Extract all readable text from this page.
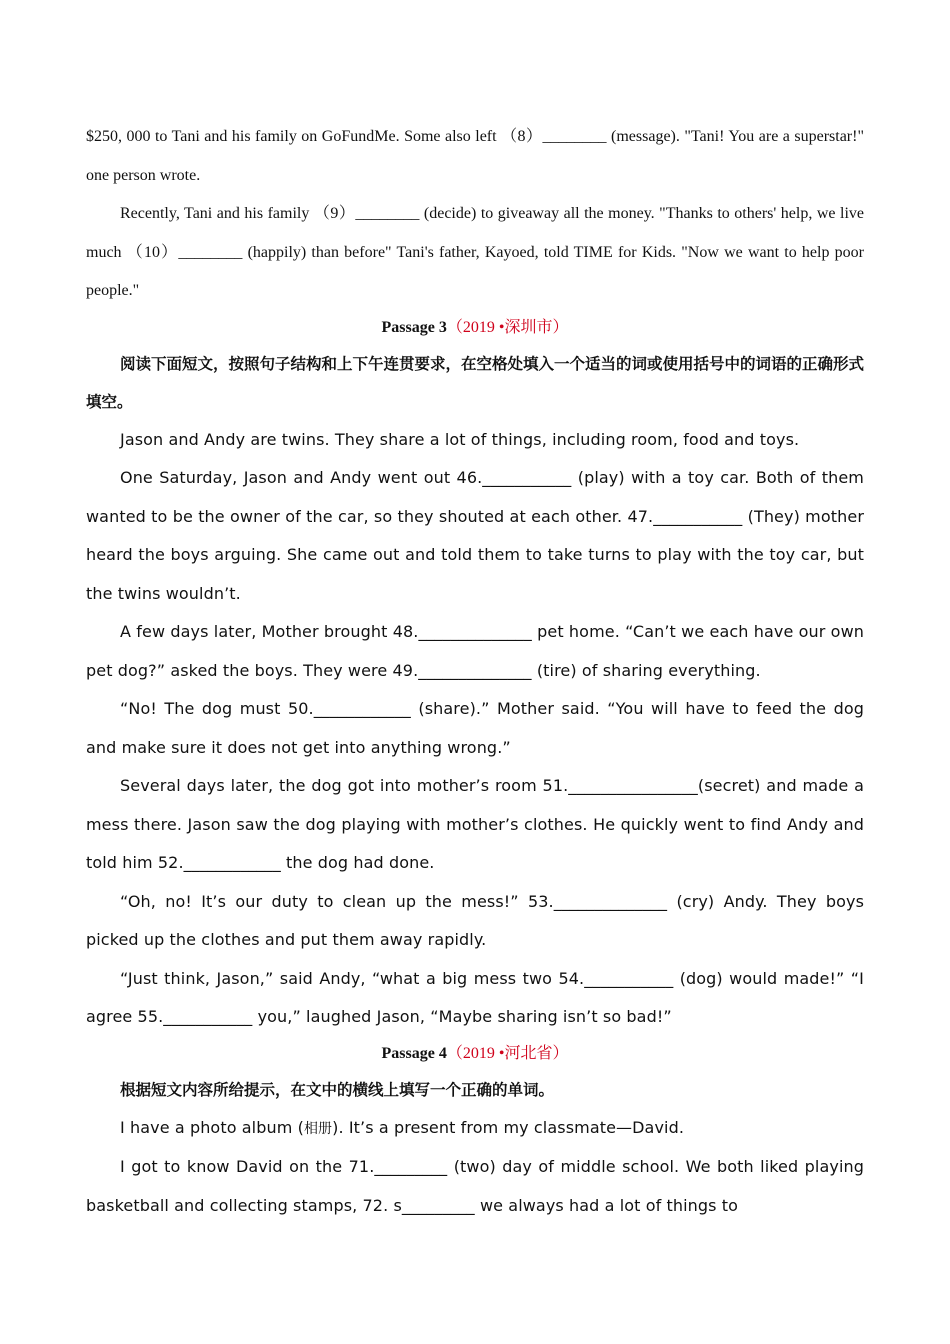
$250, 000 to Tani and his family on GoFundMe. Some also left （8）________ (message). "Tani! You are a superstar!" one person wrote.

Recently, Tani and his family （9）________ (decide) to giveaway all the money. "Thanks to others' help, we live much （10）________ (happily) than before" Tani's father, Kayoed, told TIME for Kids. "Now we want to help poor people."

Passage 3（2019 •深圳市）

阅读下面短文，按照句子结构和上下午连贯要求，在空格处填入一个适当的词或使用括号中的词语的正确形式填空。

Jason and Andy are twins. They share a lot of things, including room, food and toys.

One Saturday, Jason and Andy went out 46.___________ (play) with a toy car. Both of them wanted to be the owner of the car, so they shouted at each other. 47.___________ (They) mother heard the boys arguing. She came out and told them to take turns to play with the toy car, but the twins wouldn’t.

A few days later, Mother brought 48.______________ pet home. “Can’t we each have our own pet dog?” asked the boys. They were 49.______________ (tire) of sharing everything.

“No! The dog must 50.____________ (share).” Mother said. “You will have to feed the dog and make sure it does not get into anything wrong.”

Several days later, the dog got into mother’s room 51.________________(secret) and made a mess there. Jason saw the dog playing with mother’s clothes. He quickly went to find Andy and told him 52.____________ the dog had done.

“Oh, no! It’s our duty to clean up the mess!” 53.______________ (cry) Andy. They boys picked up the clothes and put them away rapidly.

“Just think, Jason,” said Andy, “what a big mess two 54.___________ (dog) would made!” “I agree 55.___________ you,” laughed Jason, “Maybe sharing isn’t so bad!”

Passage 4（2019 •河北省）

根据短文内容所给提示，在文中的横线上填写一个正确的单词。

I have a photo album (相册). It’s a present from my classmate—David.

I got to know David on the 71._________ (two) day of middle school. We both liked playing basketball and collecting stamps, 72. s_________ we always had a lot of things to
